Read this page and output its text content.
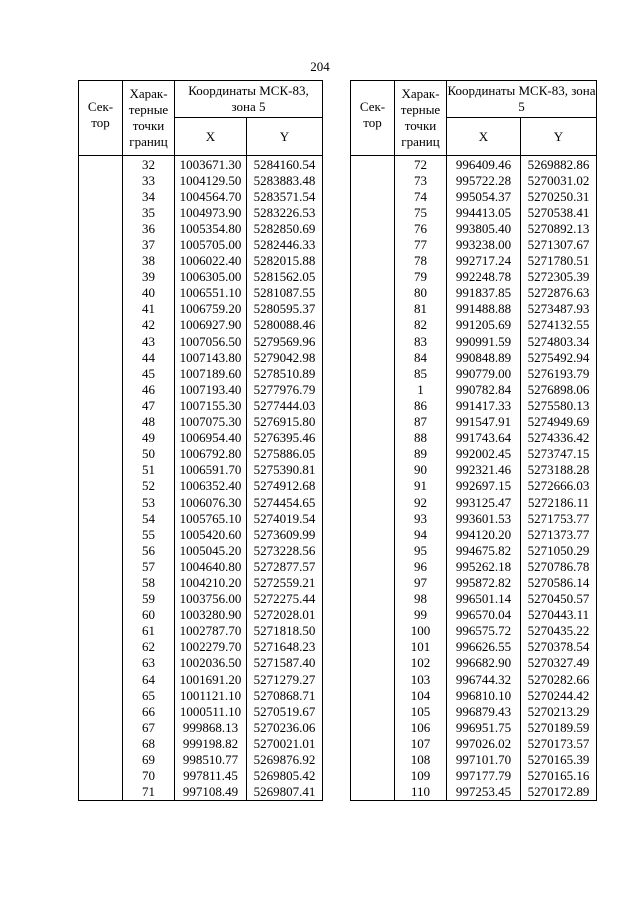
204
Сек-тор	Харак-терные точки границ	Координаты МСК-83, зона 5	
		X	Y
	32	1003671.30	5284160.54
	33	1004129.50	5283883.48
	34	1004564.70	5283571.54
	35	1004973.90	5283226.53
	36	1005354.80	5282850.69
	37	1005705.00	5282446.33
	38	1006022.40	5282015.88
	39	1006305.00	5281562.05
	40	1006551.10	5281087.55
	41	1006759.20	5280595.37
	42	1006927.90	5280088.46
	43	1007056.50	5279569.96
	44	1007143.80	5279042.98
	45	1007189.60	5278510.89
	46	1007193.40	5277976.79
	47	1007155.30	5277444.03
	48	1007075.30	5276915.80
	49	1006954.40	5276395.46
	50	1006792.80	5275886.05
	51	1006591.70	5275390.81
	52	1006352.40	5274912.68
	53	1006076.30	5274454.65
	54	1005765.10	5274019.54
	55	1005420.60	5273609.99
	56	1005045.20	5273228.56
	57	1004640.80	5272877.57
	58	1004210.20	5272559.21
	59	1003756.00	5272275.44
	60	1003280.90	5272028.01
	61	1002787.70	5271818.50
	62	1002279.70	5271648.23
	63	1002036.50	5271587.40
	64	1001691.20	5271279.27
	65	1001121.10	5270868.71
	66	1000511.10	5270519.67
	67	999868.13	5270236.06
	68	999198.82	5270021.01
	69	998510.77	5269876.92
	70	997811.45	5269805.42
	71	997108.49	5269807.41
Сек-тор	Харак-терные точки границ	Координаты МСК-83, зона 5	
		X	Y
	72	996409.46	5269882.86
	73	995722.28	5270031.02
	74	995054.37	5270250.31
	75	994413.05	5270538.41
	76	993805.40	5270892.13
	77	993238.00	5271307.67
	78	992717.24	5271780.51
	79	992248.78	5272305.39
	80	991837.85	5272876.63
	81	991488.88	5273487.93
	82	991205.69	5274132.55
	83	990991.59	5274803.34
	84	990848.89	5275492.94
	85	990779.00	5276193.79
	1	990782.84	5276898.06
	86	991417.33	5275580.13
	87	991547.91	5274949.69
	88	991743.64	5274336.42
	89	992002.45	5273747.15
	90	992321.46	5273188.28
	91	992697.15	5272666.03
	92	993125.47	5272186.11
	93	993601.53	5271753.77
	94	994120.20	5271373.77
	95	994675.82	5271050.29
	96	995262.18	5270786.78
	97	995872.82	5270586.14
	98	996501.14	5270450.57
	99	996570.04	5270443.11
	100	996575.72	5270435.22
	101	996626.55	5270378.54
	102	996682.90	5270327.49
	103	996744.32	5270282.66
	104	996810.10	5270244.42
	105	996879.43	5270213.29
	106	996951.75	5270189.59
	107	997026.02	5270173.57
	108	997101.70	5270165.39
	109	997177.79	5270165.16
	110	997253.45	5270172.89
